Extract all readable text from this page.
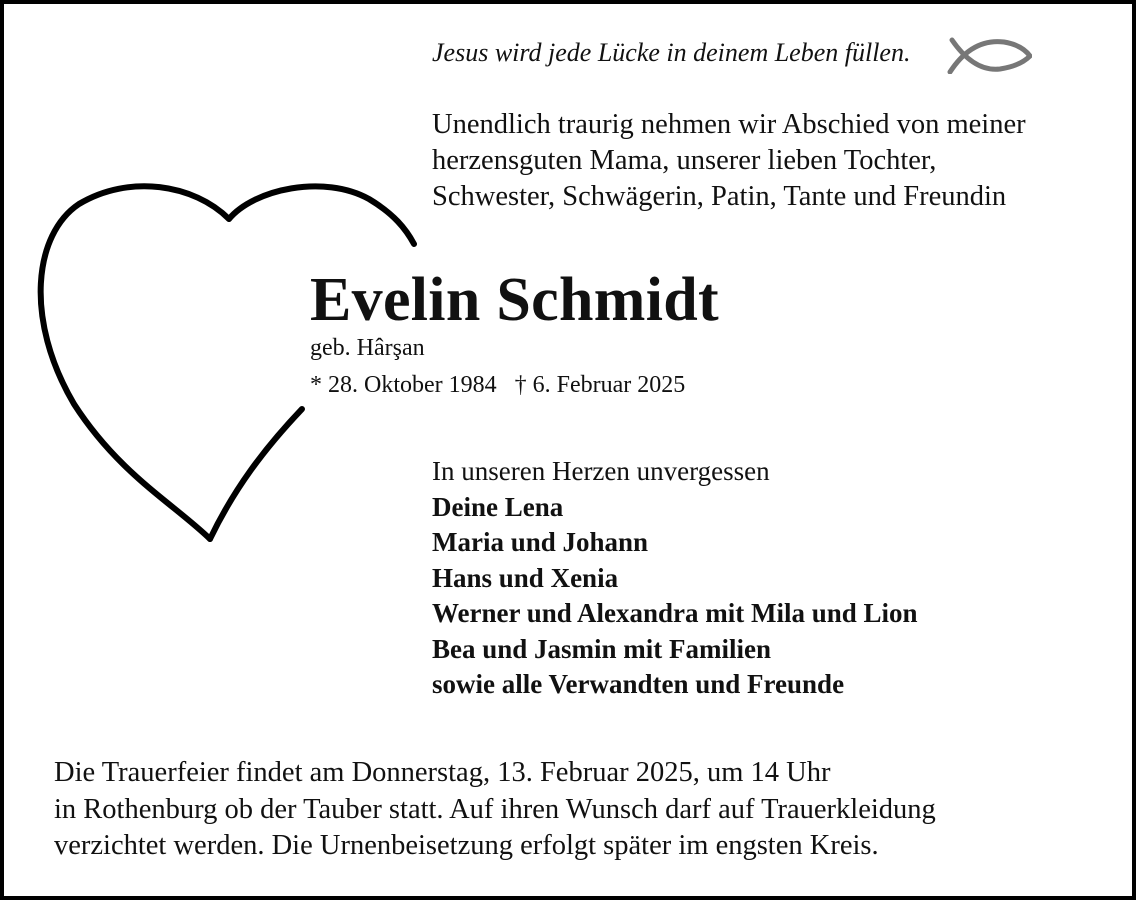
Jesus wird jede Lücke in deinem Leben füllen.
Unendlich traurig nehmen wir Abschied von meiner
herzensguten Mama, unserer lieben Tochter,
Schwester, Schwägerin, Patin, Tante und Freundin
Evelin Schmidt
geb. Hârşan
* 28. Oktober 1984 † 6. Februar 2025
In unseren Herzen unvergessen
Deine Lena
Maria und Johann
Hans und Xenia
Werner und Alexandra mit Mila und Lion
Bea und Jasmin mit Familien
sowie alle Verwandten und Freunde
Die Trauerfeier findet am Donnerstag, 13. Februar 2025, um 14 Uhr
in Rothenburg ob der Tauber statt. Auf ihren Wunsch darf auf Trauerkleidung
verzichtet werden. Die Urnenbeisetzung erfolgt später im engsten Kreis.
